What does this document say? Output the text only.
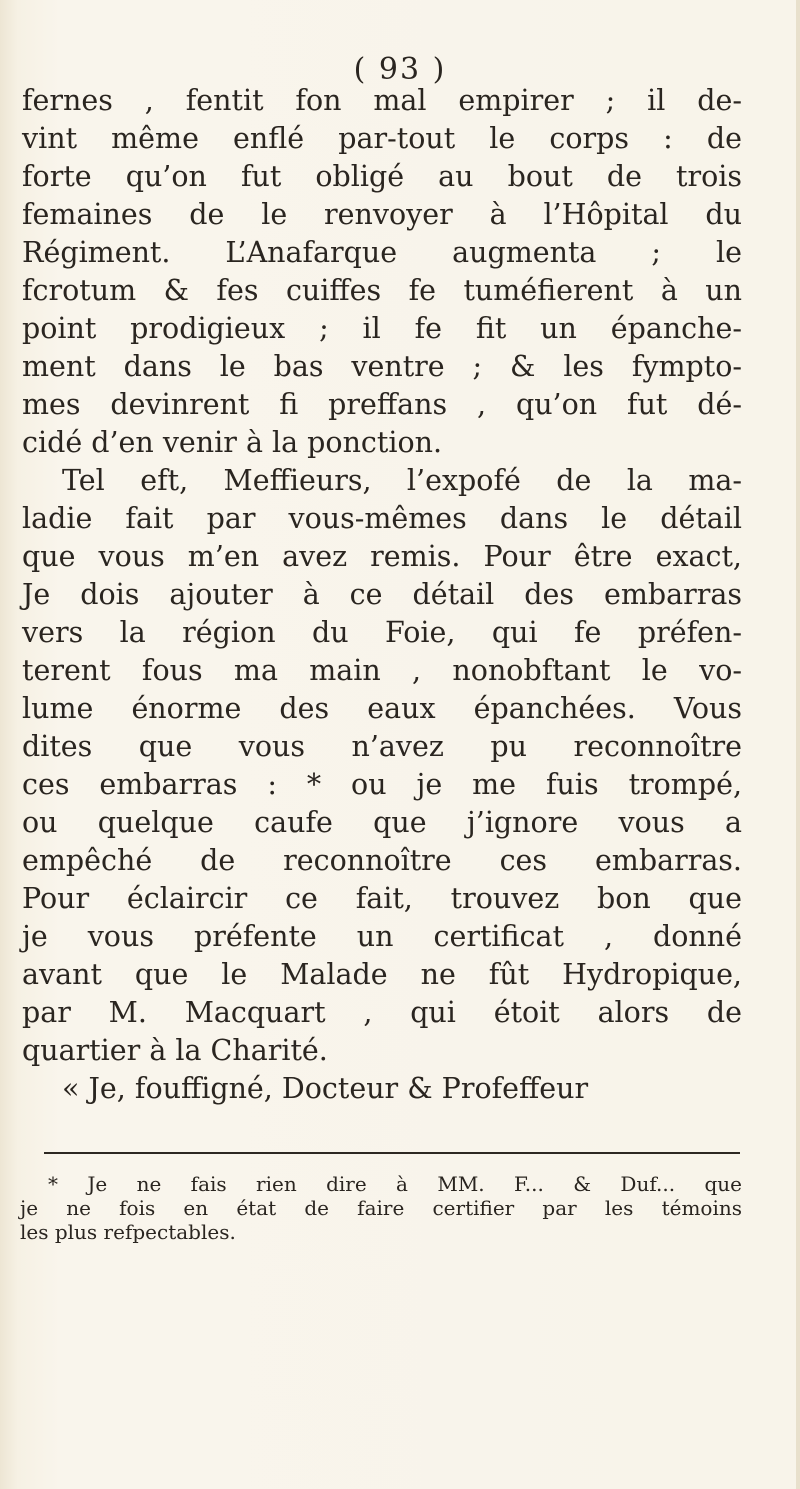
( 93 )
fernes , fentit fon mal empirer ; il de-
vint même enflé par-tout le corps : de
forte qu’on fut obligé au bout de trois
femaines de le renvoyer à l’Hôpital du
Régiment. L’Anafarque augmenta ; le
fcrotum & fes cuiffes fe tuméfierent à un
point prodigieux ; il fe fit un épanche-
ment dans le bas ventre ; & les fympto-
mes devinrent fi preffans , qu’on fut dé-
cidé d’en venir à la ponction.
Tel eft, Meffieurs, l’expofé de la ma-
ladie fait par vous-mêmes dans le détail
que vous m’en avez remis. Pour être exact,
Je dois ajouter à ce détail des embarras
vers la région du Foie, qui fe préfen-
terent fous ma main , nonobftant le vo-
lume énorme des eaux épanchées. Vous
dites que vous n’avez pu reconnoître
ces embarras : * ou je me fuis trompé,
ou quelque caufe que j’ignore vous a
empêché de reconnoître ces embarras.
Pour éclaircir ce fait, trouvez bon que
je vous préfente un certificat , donné
avant que le Malade ne fût Hydropique,
par M. Macquart , qui étoit alors de
quartier à la Charité.
« Je, fouffigné, Docteur & Profeffeur
* Je ne fais rien dire à MM. F... & Duf... que
je ne fois en état de faire certifier par les témoins
les plus refpectables.
